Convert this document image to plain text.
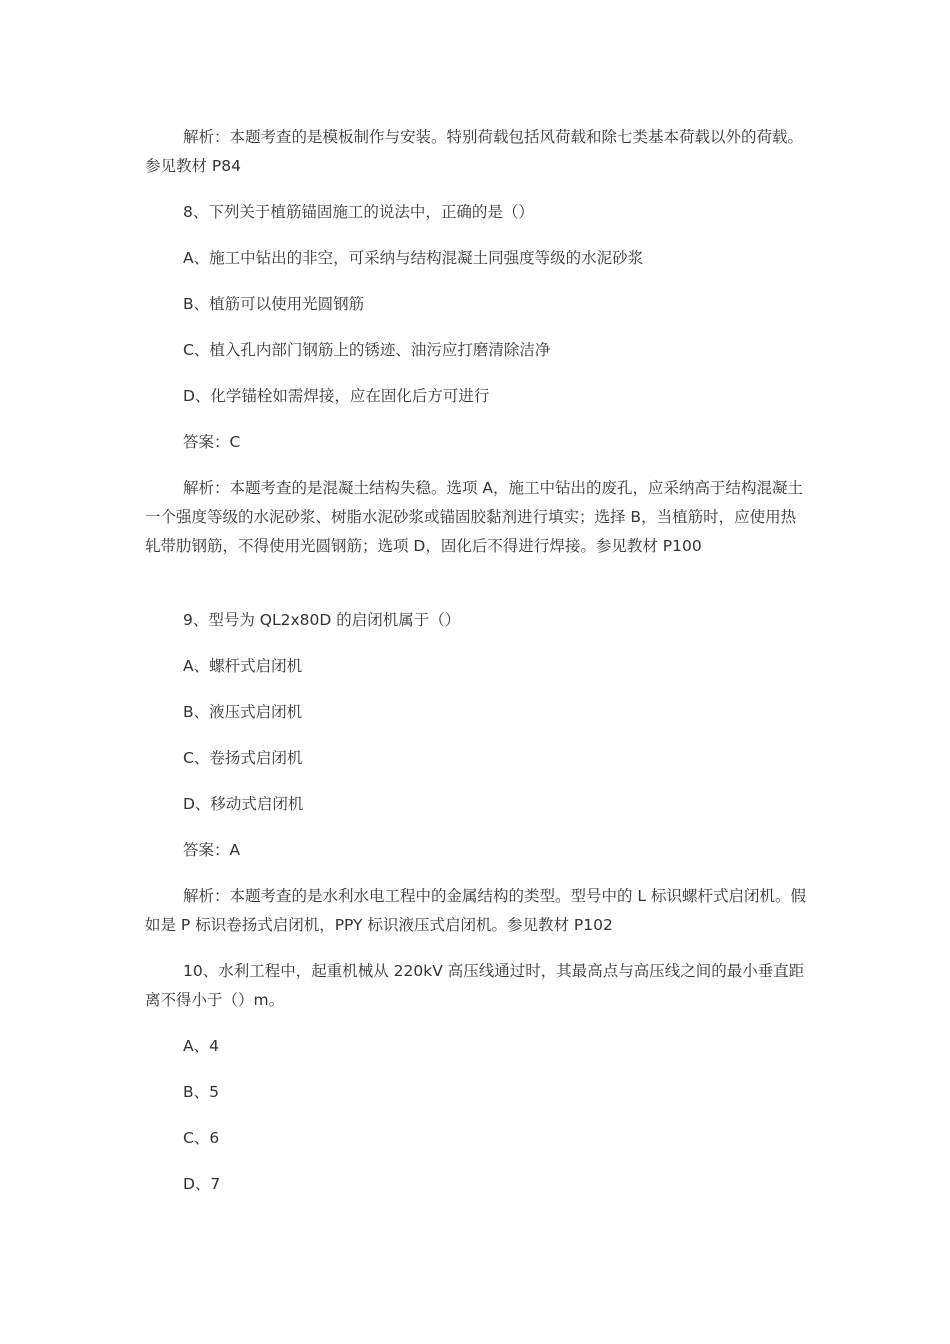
解析：本题考查的是模板制作与安装。特别荷载包括风荷载和除七类基本荷载以外的荷载。参见教材 P84

8、下列关于植筋锚固施工的说法中，正确的是（）

A、施工中钻出的非空，可采纳与结构混凝土同强度等级的水泥砂浆

B、植筋可以使用光圆钢筋

C、植入孔内部门钢筋上的锈迹、油污应打磨清除洁净

D、化学锚栓如需焊接，应在固化后方可进行

答案：C

解析：本题考查的是混凝土结构失稳。选项 A，施工中钻出的废孔，应采纳高于结构混凝土一个强度等级的水泥砂浆、树脂水泥砂浆或锚固胶黏剂进行填实；选择 B，当植筋时，应使用热轧带肋钢筋，不得使用光圆钢筋；选项 D，固化后不得进行焊接。参见教材 P100

9、型号为 QL2x80D 的启闭机属于（）

A、螺杆式启闭机

B、液压式启闭机

C、卷扬式启闭机

D、移动式启闭机

答案：A

解析：本题考查的是水利水电工程中的金属结构的类型。型号中的 L 标识螺杆式启闭机。假如是 P 标识卷扬式启闭机，PPY 标识液压式启闭机。参见教材 P102

10、水利工程中，起重机械从 220kV 高压线通过时，其最高点与高压线之间的最小垂直距离不得小于（）m。

A、4

B、5

C、6

D、7
